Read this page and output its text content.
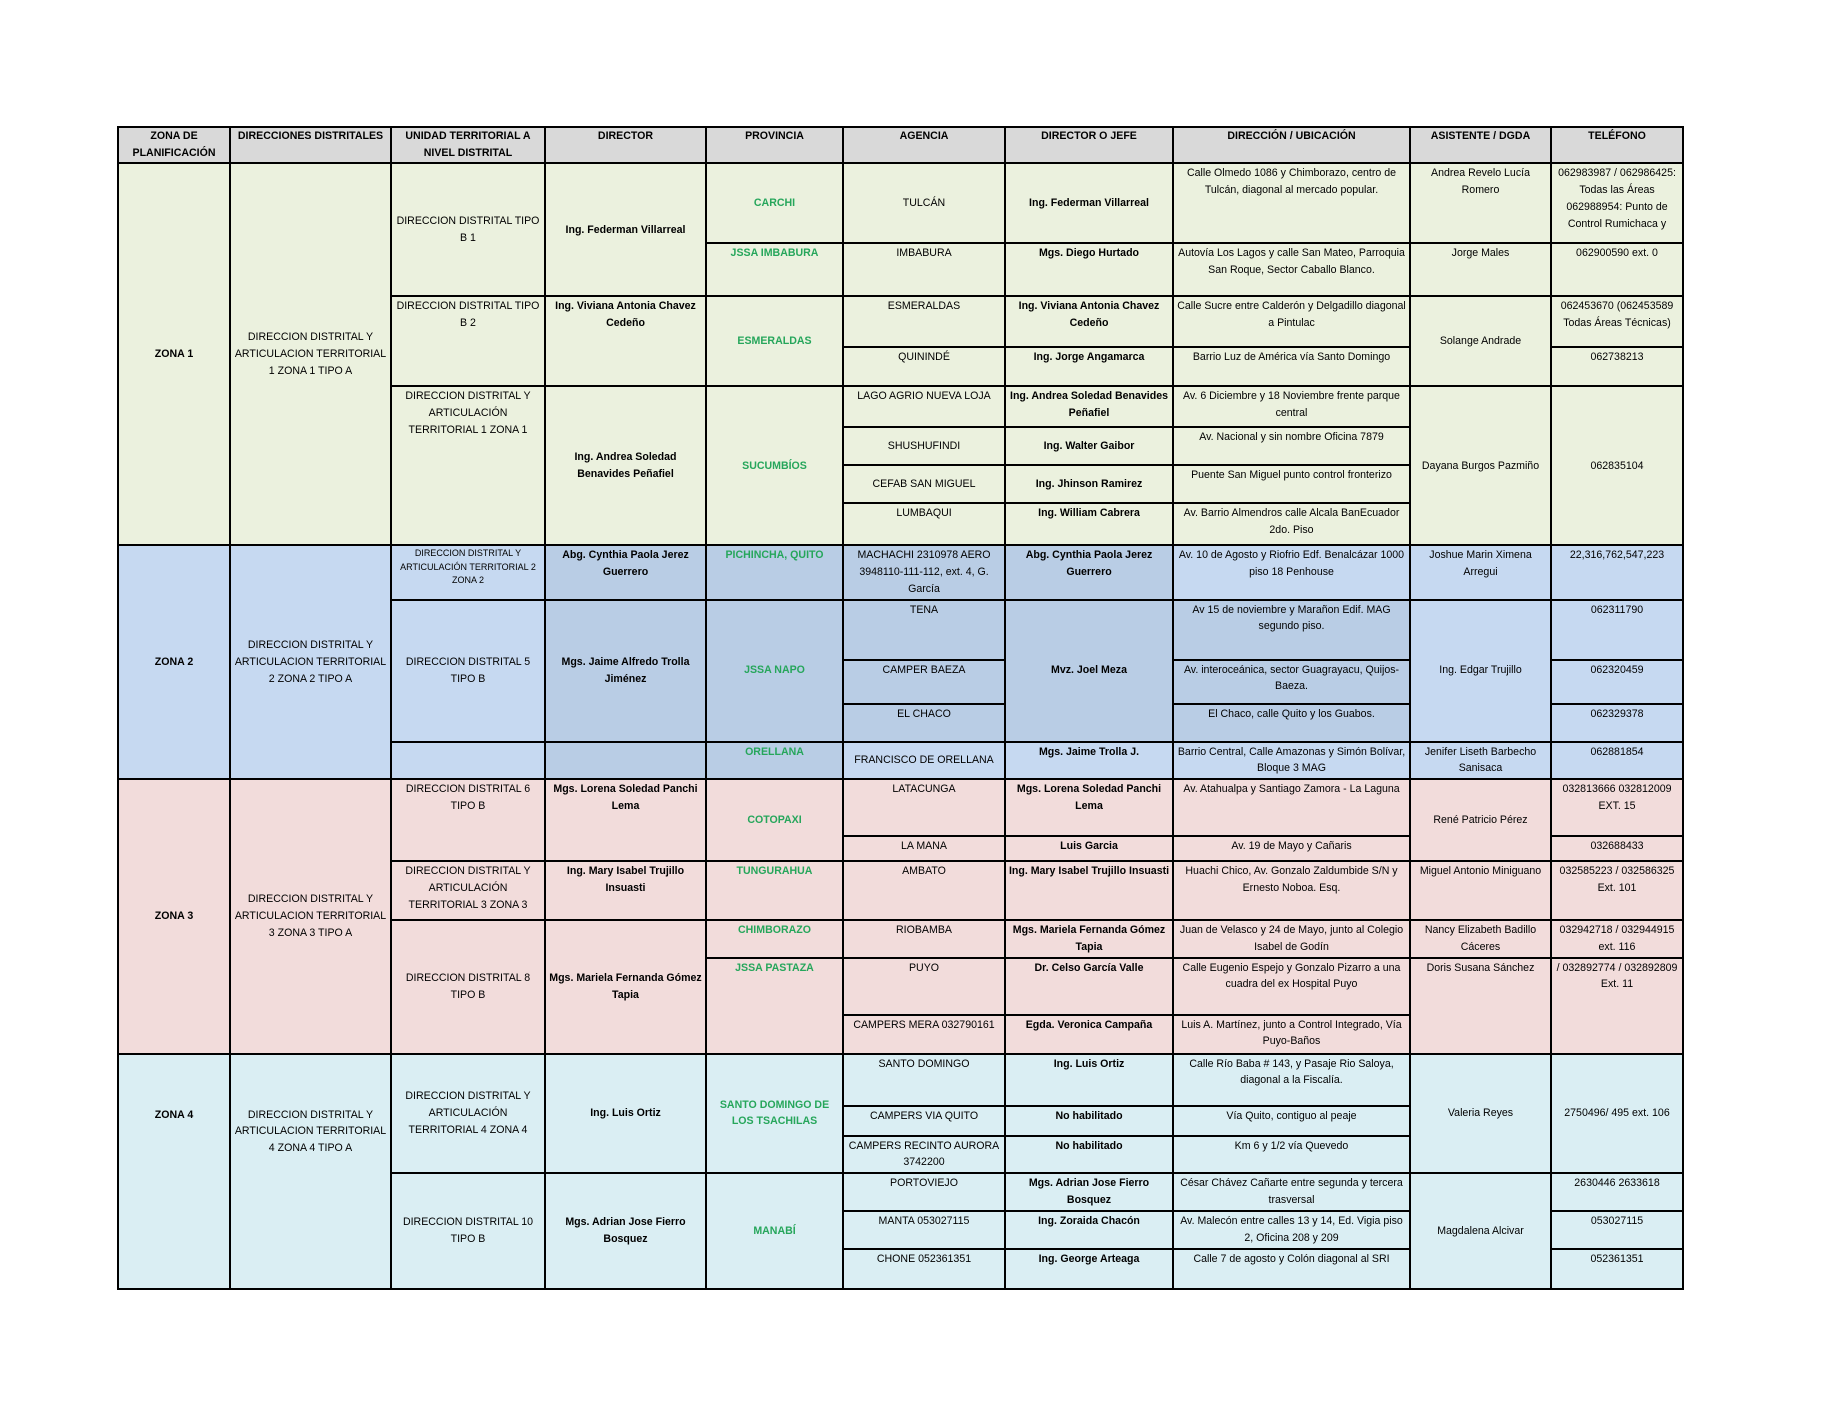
ZONA DE PLANIFICACIÓN	DIRECCIONES DISTRITALES	UNIDAD TERRITORIAL A NIVEL DISTRITAL	DIRECTOR	PROVINCIA	AGENCIA	DIRECTOR O JEFE	DIRECCIÓN / UBICACIÓN	ASISTENTE / DGDA	TELÉFONO
ZONA 1	DIRECCION DISTRITAL Y ARTICULACION TERRITORIAL 1 ZONA 1 TIPO A	DIRECCION DISTRITAL TIPO B 1	Ing. Federman Villarreal	CARCHI	TULCÁN	Ing. Federman Villarreal	Calle Olmedo 1086 y Chimborazo, centro de Tulcán, diagonal al mercado popular.	Andrea Revelo Lucía Romero	062983987 / 062986425: Todas las Áreas 062988954: Punto de Control Rumichaca y
				JSSA IMBABURA	IMBABURA	Mgs. Diego Hurtado	Autovía Los Lagos y calle San Mateo, Parroquia San Roque, Sector Caballo Blanco.	Jorge Males	062900590 ext. 0
		DIRECCION DISTRITAL TIPO B 2	Ing. Viviana Antonia Chavez Cedeño	ESMERALDAS	ESMERALDAS	Ing. Viviana Antonia Chavez Cedeño	Calle Sucre entre Calderón y Delgadillo diagonal a Pintulac	Solange Andrade	062453670 (062453589 Todas Áreas Técnicas)
					QUININDÉ	Ing. Jorge Angamarca	Barrio Luz de América vía Santo Domingo		062738213
		DIRECCION DISTRITAL Y ARTICULACIÓN TERRITORIAL 1 ZONA 1	Ing. Andrea Soledad Benavides Peñafiel	SUCUMBÍOS	LAGO AGRIO NUEVA LOJA	Ing. Andrea Soledad Benavides Peñafiel	Av. 6 Diciembre y 18 Noviembre frente parque central	Dayana Burgos Pazmiño	062835104
					SHUSHUFINDI	Ing. Walter Gaibor	Av. Nacional y sin nombre Oficina 7879		
					CEFAB SAN MIGUEL	Ing. Jhinson Ramirez	Puente San Miguel punto control fronterizo		
					LUMBAQUI	Ing. William Cabrera	Av. Barrio Almendros calle Alcala BanEcuador 2do. Piso		
ZONA 2	DIRECCION DISTRITAL Y ARTICULACION TERRITORIAL 2 ZONA 2 TIPO A	DIRECCION DISTRITAL Y ARTICULACIÓN TERRITORIAL 2 ZONA 2	Abg. Cynthia Paola Jerez Guerrero	PICHINCHA, QUITO	MACHACHI 2310978 AERO 3948110-111-112, ext. 4, G. García	Abg. Cynthia Paola Jerez Guerrero	Av. 10 de Agosto y Riofrio Edf. Benalcázar 1000 piso 18 Penhouse	Joshue Marin Ximena Arregui	22,316,762,547,223
		DIRECCION DISTRITAL 5 TIPO B	Mgs. Jaime Alfredo Trolla Jiménez	JSSA NAPO	TENA	Mvz. Joel Meza	Av 15 de noviembre y Marañon Edif. MAG segundo piso.	Ing. Edgar Trujillo	062311790
					CAMPER BAEZA		Av. interoceánica, sector Guagrayacu, Quijos-Baeza.		062320459
					EL CHACO		El Chaco, calle Quito y los Guabos.		062329378
				ORELLANA	FRANCISCO DE ORELLANA	Mgs. Jaime Trolla J.	Barrio Central, Calle Amazonas y Simón Bolívar, Bloque 3 MAG	Jenifer Liseth Barbecho Sanisaca	062881854
ZONA 3	DIRECCION DISTRITAL Y ARTICULACION TERRITORIAL 3 ZONA 3 TIPO A	DIRECCION DISTRITAL 6 TIPO B	Mgs. Lorena Soledad Panchi Lema	COTOPAXI	LATACUNGA	Mgs. Lorena Soledad Panchi Lema	Av. Atahualpa y Santiago Zamora - La Laguna	René Patricio Pérez	032813666 032812009 EXT. 15
					LA MANA	Luis Garcia	Av. 19 de Mayo y Cañaris		032688433
		DIRECCION DISTRITAL Y ARTICULACIÓN TERRITORIAL 3 ZONA 3	Ing. Mary Isabel Trujillo Insuasti	TUNGURAHUA	AMBATO	Ing. Mary Isabel Trujillo Insuasti	Huachi Chico, Av. Gonzalo Zaldumbide S/N y Ernesto Noboa. Esq.	Miguel Antonio Miniguano	032585223 / 032586325 Ext. 101
		DIRECCION DISTRITAL 8 TIPO B	Mgs. Mariela Fernanda Gómez Tapia	CHIMBORAZO	RIOBAMBA	Mgs. Mariela Fernanda Gómez Tapia	Juan de Velasco y 24 de Mayo, junto al Colegio Isabel de Godín	Nancy Elizabeth Badillo Cáceres	032942718 / 032944915 ext. 116
				JSSA PASTAZA	PUYO	Dr. Celso García Valle	Calle Eugenio Espejo y Gonzalo Pizarro a una cuadra del ex Hospital Puyo	Doris Susana Sánchez	/ 032892774 / 032892809 Ext. 11
					CAMPERS MERA 032790161	Egda. Veronica Campaña	Luis A. Martínez, junto a Control Integrado, Vía Puyo-Baños		
ZONA 4	DIRECCION DISTRITAL Y ARTICULACION TERRITORIAL 4 ZONA 4 TIPO A	DIRECCION DISTRITAL Y ARTICULACIÓN TERRITORIAL 4 ZONA 4	Ing. Luis Ortiz	SANTO DOMINGO DE LOS TSACHILAS	SANTO DOMINGO	Ing. Luis Ortiz	Calle Río Baba # 143, y Pasaje Rio Saloya, diagonal a la Fiscalía.	Valeria Reyes	2750496/ 495 ext. 106
					CAMPERS VIA QUITO	No habilitado	Vía Quito, contiguo al peaje		
					CAMPERS RECINTO AURORA 3742200	No habilitado	Km 6 y 1/2 vía Quevedo		
		DIRECCION DISTRITAL 10 TIPO B	Mgs. Adrian Jose Fierro Bosquez	MANABÍ	PORTOVIEJO	Mgs. Adrian Jose Fierro Bosquez	César Chávez Cañarte entre segunda y tercera trasversal	Magdalena Alcivar	2630446 2633618
					MANTA 053027115	Ing. Zoraida Chacón	Av. Malecón entre calles 13 y 14, Ed. Vigia piso 2, Oficina 208 y 209		053027115
					CHONE 052361351	Ing. George Arteaga	Calle 7 de agosto y Colón diagonal al SRI		052361351
